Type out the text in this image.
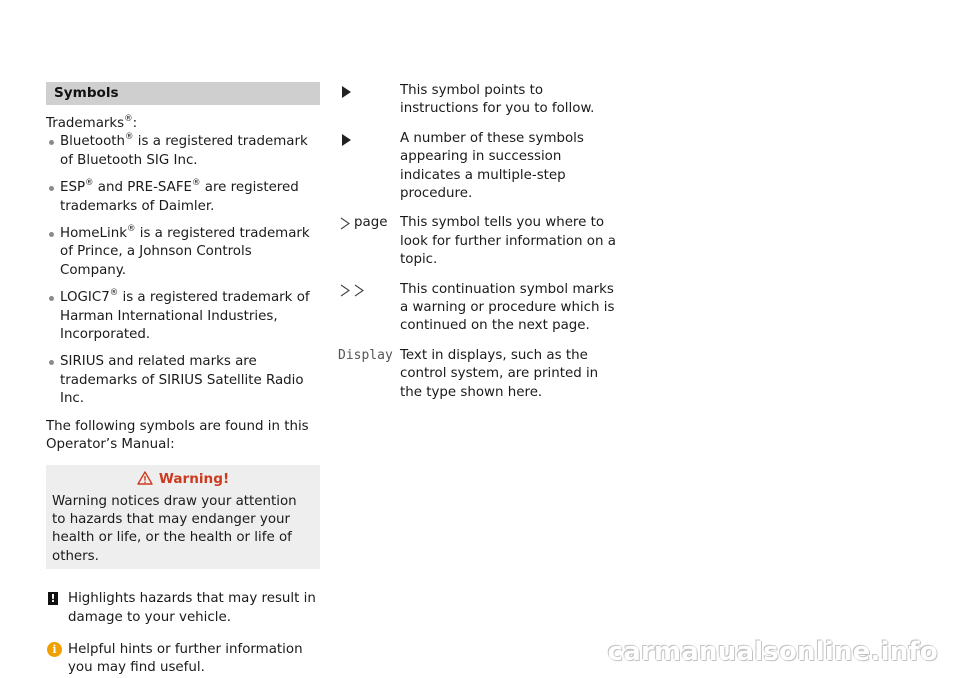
Symbols
Trademarks®:
Bluetooth® is a registered trademark of Bluetooth SIG Inc.
ESP® and PRE-SAFE® are registered trademarks of Daimler.
HomeLink® is a registered trademark of Prince, a Johnson Controls Company.
LOGIC7® is a registered trademark of Harman International Industries, Incorporated.
SIRIUS and related marks are trademarks of SIRIUS Satellite Radio Inc.
The following symbols are found in this Operator’s Manual:
Warning!
Warning notices draw your attention to hazards that may endanger your health or life, or the health or life of others.
! Highlights hazards that may result in damage to your vehicle.
i Helpful hints or further information you may find useful.
This symbol points to instructions for you to follow.
A number of these symbols appearing in succession indicates a multiple-step procedure.
page This symbol tells you where to look for further information on a topic.
This continuation symbol marks a warning or procedure which is continued on the next page.
Display Text in displays, such as the control system, are printed in the type shown here.
carmanualsonline.info
